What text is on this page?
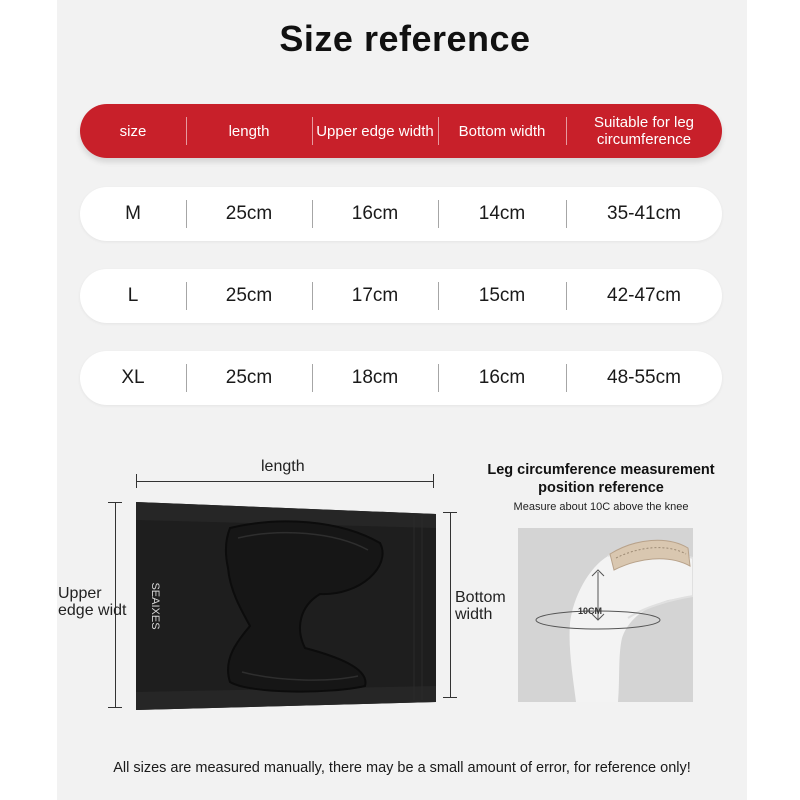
Size reference
size	length	Upper edge width	Bottom width	Suitable for leg circumference
M	25cm	16cm	14cm	35-41cm
L	25cm	17cm	15cm	42-47cm
XL	25cm	18cm	16cm	48-55cm
length
Upper
edge widt
Bottom
width
SEAIXES
Leg circumference measurement
position reference
Measure about 10C above the knee
10CM
All sizes are measured manually, there may be a small amount of error, for reference only!
